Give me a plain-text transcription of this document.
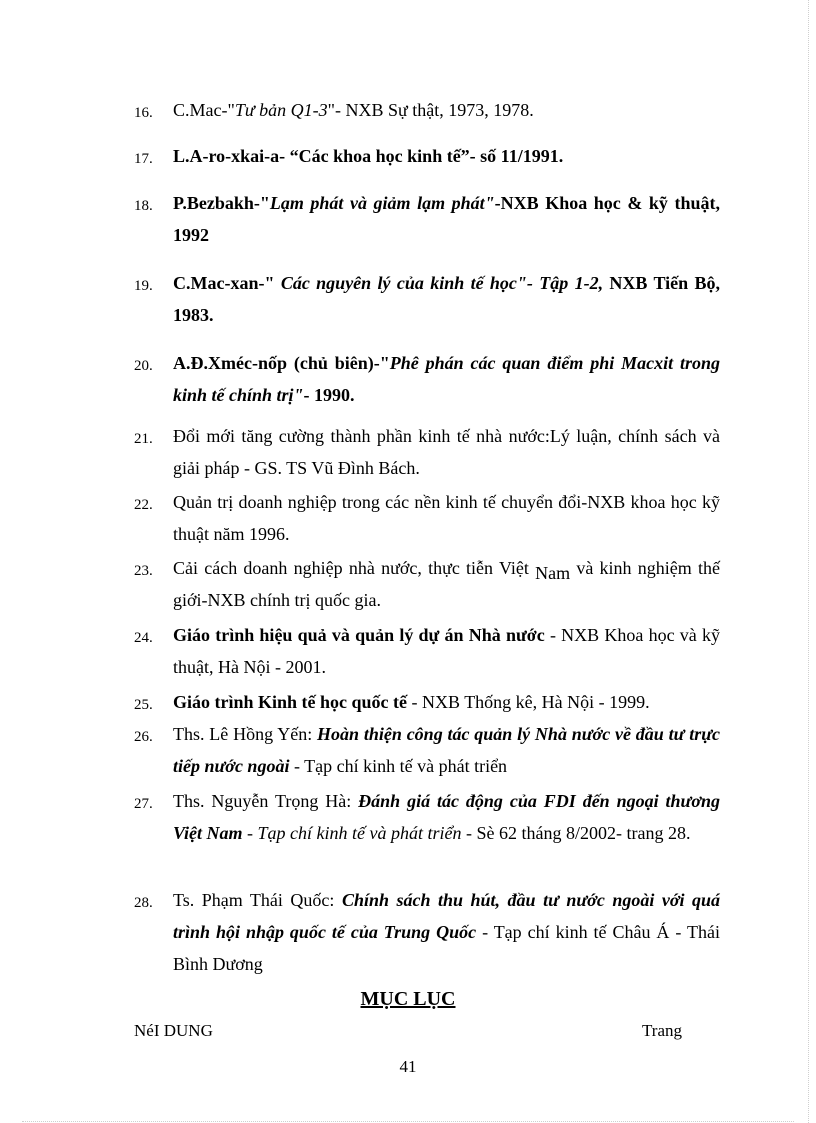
16. C.Mac-"Tư bản Q1-3"- NXB Sự thật, 1973, 1978.
17. L.A-ro-xkai-a- “Các khoa học kinh tế”- số 11/1991.
18. P.Bezbakh-"Lạm phát và giảm lạm phát"-NXB Khoa học & kỹ thuật, 1992
19. C.Mac-xan-" Các nguyên lý của kinh tế học"- Tập 1-2, NXB Tiến Bộ, 1983.
20. A.Đ.Xméc-nốp (chủ biên)-"Phê phán các quan điểm phi Macxit trong kinh tế chính trị"- 1990.
21. Đổi mới tăng cường thành phần kinh tế nhà nước:Lý luận, chính sách và giải pháp - GS. TS Vũ Đình Bách.
22. Quản trị doanh nghiệp trong các nền kinh tế chuyển đổi-NXB khoa học kỹ thuật năm 1996.
23. Cải cách doanh nghiệp nhà nước, thực tiễn Việt Nam và kinh nghiệm thế giới-NXB chính trị quốc gia.
24. Giáo trình hiệu quả và quản lý dự án Nhà nước - NXB Khoa học và kỹ thuật, Hà Nội - 2001.
25. Giáo trình Kinh tế học quốc tế - NXB Thống kê, Hà Nội - 1999.
26. Ths. Lê Hồng Yến: Hoàn thiện công tác quản lý Nhà nước về đầu tư trực tiếp nước ngoài - Tạp chí kinh tế và phát triển
27. Ths. Nguyễn Trọng Hà: Đánh giá tác động của FDI đến ngoại thương Việt Nam - Tạp chí kinh tế và phát triển - Sè 62 tháng 8/2002- trang 28.
28. Ts. Phạm Thái Quốc: Chính sách thu hút, đầu tư nước ngoài với quá trình hội nhập quốc tế của Trung Quốc - Tạp chí kinh tế Châu Á - Thái Bình Dương
MỤC LỤC
NéI DUNG	Trang
41
